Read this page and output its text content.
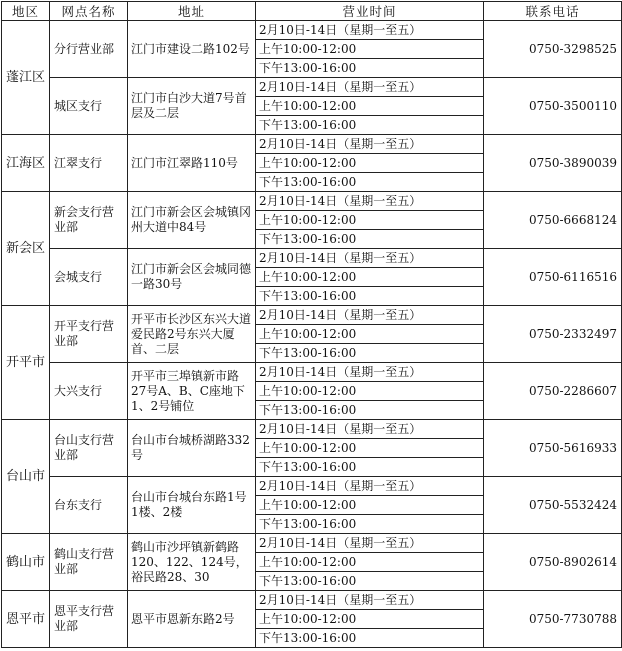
地区	网点名称	地址	营业时间	联系电话
蓬江区	分行营业部	江门市建设二路102号	2月10日-14日（星期一至五）	0750-3298525
			上午10:00-12:00	
			下午13:00-16:00	
	城区支行	江门市白沙大道7号首层及二层	2月10日-14日（星期一至五）	0750-3500110
			上午10:00-12:00	
			下午13:00-16:00	
江海区	江翠支行	江门市江翠路110号	2月10日-14日（星期一至五）	0750-3890039
			上午10:00-12:00	
			下午13:00-16:00	
新会区	新会支行营业部	江门市新会区会城镇冈州大道中84号	2月10日-14日（星期一至五）	0750-6668124
			上午10:00-12:00	
			下午13:00-16:00	
	会城支行	江门市新会区会城同德一路30号	2月10日-14日（星期一至五）	0750-6116516
			上午10:00-12:00	
			下午13:00-16:00	
开平市	开平支行营业部	开平市长沙区东兴大道爱民路2号东兴大厦首、二层	2月10日-14日（星期一至五）	0750-2332497
			上午10:00-12:00	
			下午13:00-16:00	
	大兴支行	开平市三埠镇新市路27号A、B、C座地下1、2号铺位	2月10日-14日（星期一至五）	0750-2286607
			上午10:00-12:00	
			下午13:00-16:00	
台山市	台山支行营业部	台山市台城桥湖路332号	2月10日-14日（星期一至五）	0750-5616933
			上午10:00-12:00	
			下午13:00-16:00	
	台东支行	台山市台城台东路1号1楼、2楼	2月10日-14日（星期一至五）	0750-5532424
			上午10:00-12:00	
			下午13:00-16:00	
鹤山市	鹤山支行营业部	鹤山市沙坪镇新鹤路120、122、124号，裕民路28、30	2月10日-14日（星期一至五）	0750-8902614
			上午10:00-12:00	
			下午13:00-16:00	
恩平市	恩平支行营业部	恩平市恩新东路2号	2月10日-14日（星期一至五）	0750-7730788
			上午10:00-12:00	
			下午13:00-16:00	
